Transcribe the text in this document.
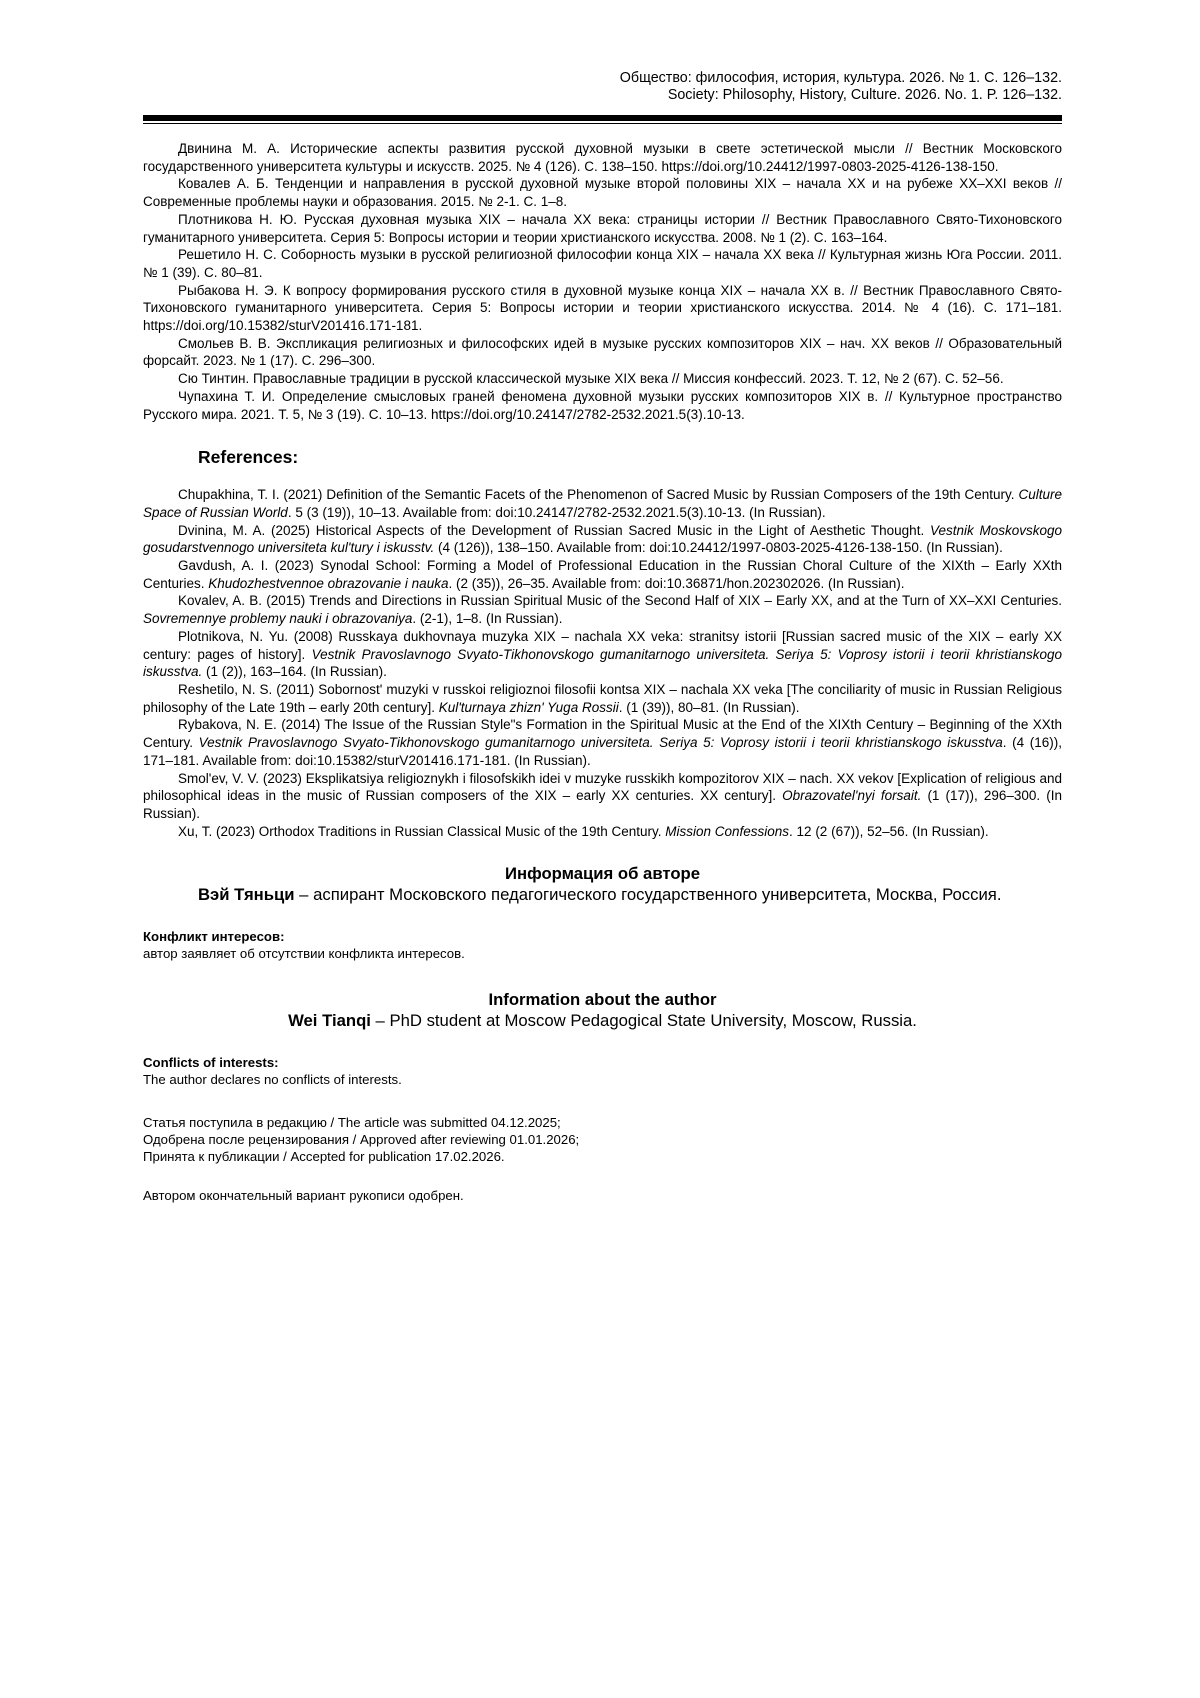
Общество: философия, история, культура. 2026. № 1. С. 126–132.
Society: Philosophy, History, Culture. 2026. No. 1. P. 126–132.

Двинина М. А. Исторические аспекты развития русской духовной музыки в свете эстетической мысли // Вестник Московского государственного университета культуры и искусств. 2025. № 4 (126). С. 138–150. https://doi.org/10.24412/1997-0803-2025-4126-138-150.

Ковалев А. Б. Тенденции и направления в русской духовной музыке второй половины XIX – начала XX и на рубеже XX–XXI веков // Современные проблемы науки и образования. 2015. № 2-1. С. 1–8.

Плотникова Н. Ю. Русская духовная музыка XIX – начала XX века: страницы истории // Вестник Православного Свято-Тихоновского гуманитарного университета. Серия 5: Вопросы истории и теории христианского искусства. 2008. № 1 (2). С. 163–164.

Решетило Н. С. Соборность музыки в русской религиозной философии конца XIX – начала XX века // Культурная жизнь Юга России. 2011. № 1 (39). С. 80–81.

Рыбакова Н. Э. К вопросу формирования русского стиля в духовной музыке конца XIX – начала XX в. // Вестник Православного Свято-Тихоновского гуманитарного университета. Серия 5: Вопросы истории и теории христианского искусства. 2014. № 4 (16). С. 171–181. https://doi.org/10.15382/sturV201416.171-181.

Смольев В. В. Экспликация религиозных и философских идей в музыке русских композиторов XIX – нач. XX веков // Образовательный форсайт. 2023. № 1 (17). С. 296–300.

Сю Тинтин. Православные традиции в русской классической музыке XIX века // Миссия конфессий. 2023. Т. 12, № 2 (67). С. 52–56.

Чупахина Т. И. Определение смысловых граней феномена духовной музыки русских композиторов XIX в. // Культурное пространство Русского мира. 2021. Т. 5, № 3 (19). С. 10–13. https://doi.org/10.24147/2782-2532.2021.5(3).10-13.

References:

Chupakhina, T. I. (2021) Definition of the Semantic Facets of the Phenomenon of Sacred Music by Russian Composers of the 19th Century. Culture Space of Russian World. 5 (3 (19)), 10–13. Available from: doi:10.24147/2782-2532.2021.5(3).10-13. (In Russian).

Dvinina, M. A. (2025) Historical Aspects of the Development of Russian Sacred Music in the Light of Aesthetic Thought. Vestnik Moskovskogo gosudarstvennogo universiteta kul'tury i iskusstv. (4 (126)), 138–150. Available from: doi:10.24412/1997-0803-2025-4126-138-150. (In Russian).

Gavdush, A. I. (2023) Synodal School: Forming a Model of Professional Education in the Russian Choral Culture of the XIXth – Early XXth Centuries. Khudozhestvennoe obrazovanie i nauka. (2 (35)), 26–35. Available from: doi:10.36871/hon.202302026. (In Russian).

Kovalev, A. B. (2015) Trends and Directions in Russian Spiritual Music of the Second Half of XIX – Early XX, and at the Turn of XX–XXI Centuries. Sovremennye problemy nauki i obrazovaniya. (2-1), 1–8. (In Russian).

Plotnikova, N. Yu. (2008) Russkaya dukhovnaya muzyka XIX – nachala XX veka: stranitsy istorii [Russian sacred music of the XIX – early XX century: pages of history]. Vestnik Pravoslavnogo Svyato-Tikhonovskogo gumanitarnogo universiteta. Seriya 5: Voprosy istorii i teorii khristianskogo iskusstva. (1 (2)), 163–164. (In Russian).

Reshetilo, N. S. (2011) Sobornost' muzyki v russkoi religioznoi filosofii kontsa XIX – nachala XX veka [The conciliarity of music in Russian Religious philosophy of the Late 19th – early 20th century]. Kul'turnaya zhizn' Yuga Rossii. (1 (39)), 80–81. (In Russian).

Rybakova, N. E. (2014) The Issue of the Russian Style"s Formation in the Spiritual Music at the End of the XIXth Century – Beginning of the XXth Century. Vestnik Pravoslavnogo Svyato-Tikhonovskogo gumanitarnogo universiteta. Seriya 5: Voprosy istorii i teorii khristianskogo iskusstva. (4 (16)), 171–181. Available from: doi:10.15382/sturV201416.171-181. (In Russian).

Smol'ev, V. V. (2023) Eksplikatsiya religioznykh i filosofskikh idei v muzyke russkikh kompozitorov XIX – nach. XX vekov [Explication of religious and philosophical ideas in the music of Russian composers of the XIX – early XX centuries. XX century]. Obrazovatel'nyi forsait. (1 (17)), 296–300. (In Russian).

Xu, T. (2023) Orthodox Traditions in Russian Classical Music of the 19th Century. Mission Confessions. 12 (2 (67)), 52–56. (In Russian).

Информация об авторе

Вэй Тяньци – аспирант Московского педагогического государственного университета, Москва, Россия.

Конфликт интересов:
автор заявляет об отсутствии конфликта интересов.
Information about the author
Wei Tianqi – PhD student at Moscow Pedagogical State University, Moscow, Russia.
Conflicts of interests:
The author declares no conflicts of interests.
Статья поступила в редакцию / The article was submitted 04.12.2025;
Одобрена после рецензирования / Approved after reviewing 01.01.2026;
Принята к публикации / Accepted for publication 17.02.2026.
Автором окончательный вариант рукописи одобрен.
